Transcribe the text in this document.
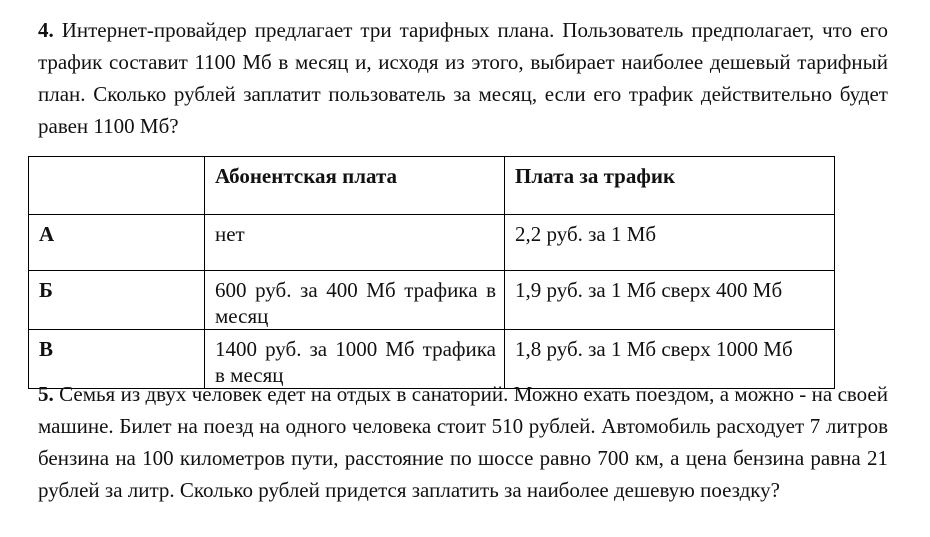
4. Интернет-провайдер предлагает три тарифных плана. Пользователь предполагает, что его трафик составит 1100 Мб в месяц и, исходя из этого, выбирает наиболее дешевый тарифный план. Сколько рублей заплатит пользователь за месяц, если его трафик действительно будет равен 1100 Мб?
	Абонентская плата	Плата за трафик
А	нет	2,2 руб. за 1 Мб
Б	600 руб. за 400 Мб трафика в месяц	1,9 руб. за 1 Мб сверх 400 Мб
В	1400 руб. за 1000 Мб трафика в месяц	1,8 руб. за 1 Мб сверх 1000 Мб
5. Семья из двух человек едет на отдых в санаторий. Можно ехать поездом, а можно - на своей машине. Билет на поезд на одного человека стоит 510 рублей. Автомобиль расходует 7 литров бензина на 100 километров пути, расстояние по шоссе равно 700 км, а цена бензина равна 21 рублей за литр. Сколько рублей придется заплатить за наиболее дешевую поездку?
